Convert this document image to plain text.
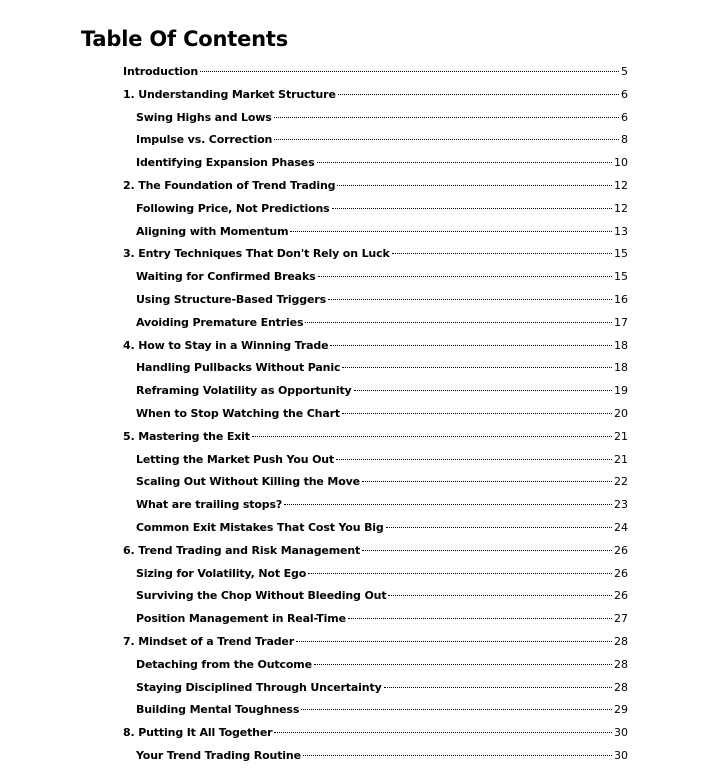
Table Of Contents
Introduction	5
1. Understanding Market Structure	6
Swing Highs and Lows	6
Impulse vs. Correction	8
Identifying Expansion Phases	10
2. The Foundation of Trend Trading	12
Following Price, Not Predictions	12
Aligning with Momentum	13
3. Entry Techniques That Don't Rely on Luck	15
Waiting for Confirmed Breaks	15
Using Structure-Based Triggers	16
Avoiding Premature Entries	17
4. How to Stay in a Winning Trade	18
Handling Pullbacks Without Panic	18
Reframing Volatility as Opportunity	19
When to Stop Watching the Chart	20
5. Mastering the Exit	21
Letting the Market Push You Out	21
Scaling Out Without Killing the Move	22
What are trailing stops?	23
Common Exit Mistakes That Cost You Big	24
6. Trend Trading and Risk Management	26
Sizing for Volatility, Not Ego	26
Surviving the Chop Without Bleeding Out	26
Position Management in Real-Time	27
7. Mindset of a Trend Trader	28
Detaching from the Outcome	28
Staying Disciplined Through Uncertainty	28
Building Mental Toughness	29
8. Putting It All Together	30
Your Trend Trading Routine	30
